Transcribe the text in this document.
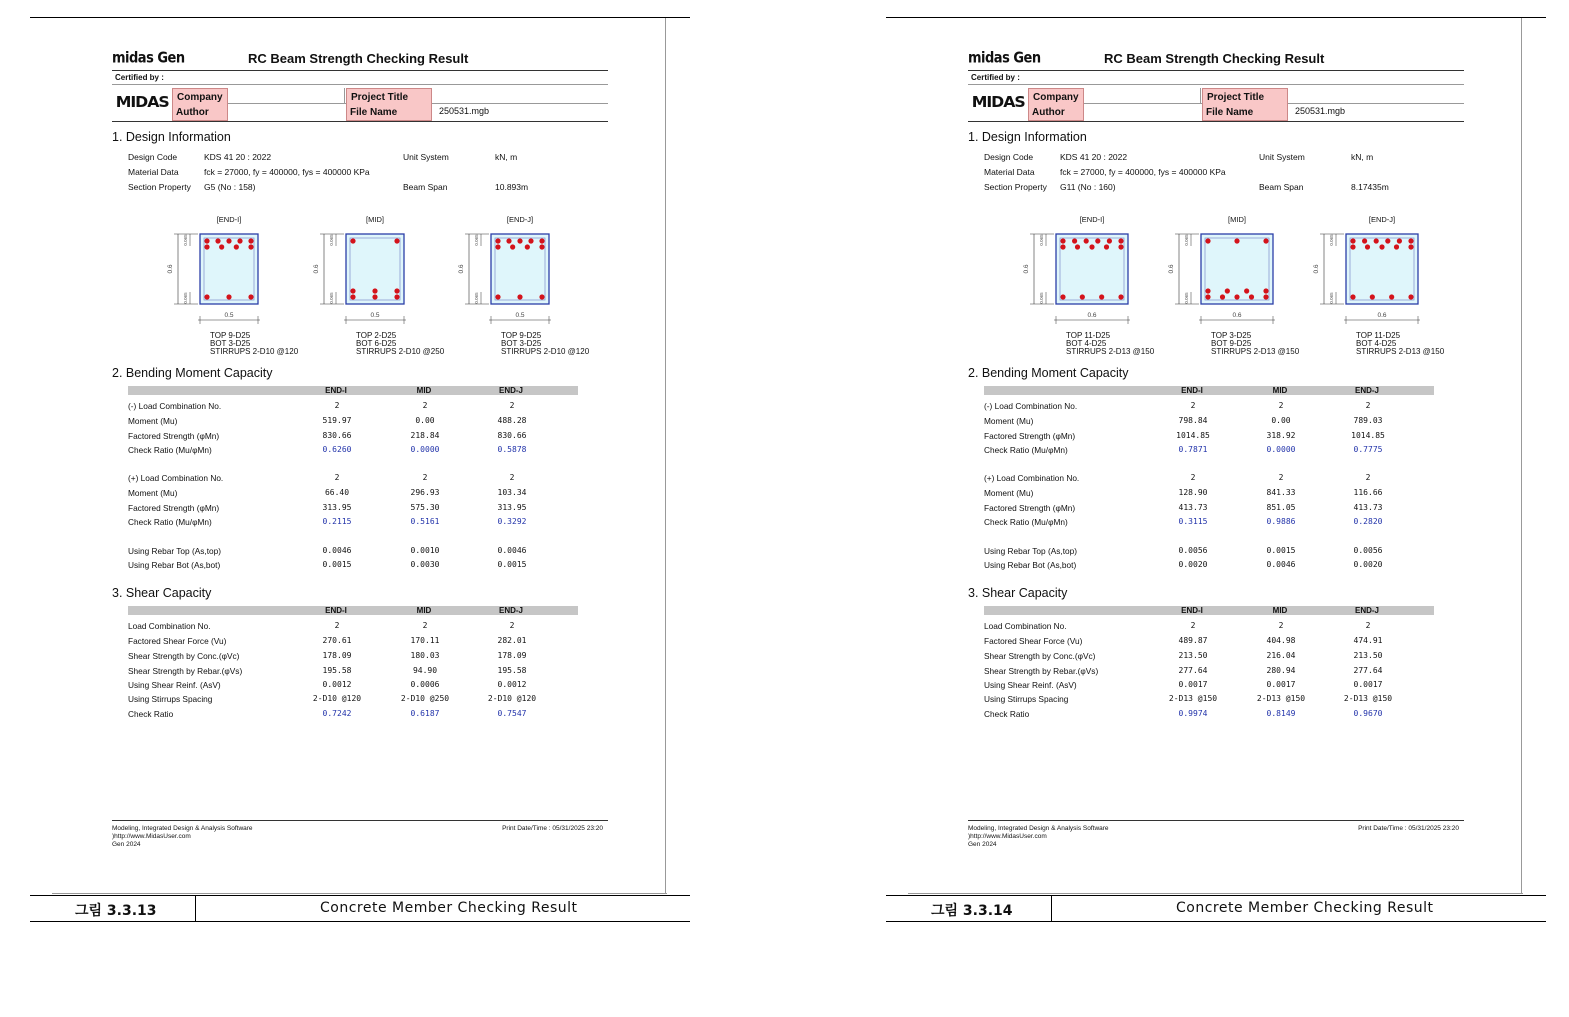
그림 3.3.13	Concrete Member Checking Result
midas Gen	RC Beam Strength Checking Result
Certified by :
MIDAS Company	Project Title
Author	File Name	250531.mgb
1. Design Information
Design Code	KDS 41 20 : 2022	Unit System	kN, m
Material Data	fck = 27000, fy = 400000, fys = 400000 KPa
Section Property G5 (No : 158)	Beam Span	10.893m
[END-I]
0.6
0.065
0.065
0.5
TOP 9-D25
BOT 3-D25
STIRRUPS 2-D10 @120
[MID]
0.6
0.065
0.065
0.5
TOP 2-D25
BOT 6-D25
STIRRUPS 2-D10 @250
[END-J]
0.6
0.065
0.065
0.5
TOP 9-D25
BOT 3-D25
STIRRUPS 2-D10 @120
2. Bending Moment Capacity
END-I	MID	END-J
(-) Load Combination No.	2	2	2
Moment (Mu)	519.97	0.00	488.28
Factored Strength (φMn)	830.66	218.84	830.66
Check Ratio (Mu/φMn)	0.6260	0.0000	0.5878
(+) Load Combination No.	2	2	2
Moment (Mu)	66.40	296.93	103.34
Factored Strength (φMn)	313.95	575.30	313.95
Check Ratio (Mu/φMn)	0.2115	0.5161	0.3292
Using Rebar Top (As,top)	0.0046	0.0010	0.0046
Using Rebar Bot (As,bot)	0.0015	0.0030	0.0015
3. Shear Capacity
END-I	MID	END-J
Load Combination No.	2	2	2
Factored Shear Force (Vu)	270.61	170.11	282.01
Shear Strength by Conc.(φVc)	178.09	180.03	178.09
Shear Strength by Rebar.(φVs)	195.58	94.90	195.58
Using Shear Reinf. (AsV)	0.0012	0.0006	0.0012
Using Stirrups Spacing	2-D10 @120	2-D10 @250	2-D10 @120
Check Ratio	0.7242	0.6187	0.7547
Modeling, Integrated Design & Analysis Software
)http://www.MidasUser.com
Gen 2024
Print Date/Time : 05/31/2025 23:20
그림 3.3.14	Concrete Member Checking Result
midas Gen	RC Beam Strength Checking Result
Certified by :
MIDAS Company	Project Title
Author	File Name	250531.mgb
1. Design Information
Design Code	KDS 41 20 : 2022	Unit System	kN, m
Material Data	fck = 27000, fy = 400000, fys = 400000 KPa
Section Property G11 (No : 160)	Beam Span	8.17435m
[END-I]
0.6
0.065
0.065
0.6
TOP 11-D25
BOT 4-D25
STIRRUPS 2-D13 @150
[MID]
0.6
0.065
0.065
0.6
TOP 3-D25
BOT 9-D25
STIRRUPS 2-D13 @150
[END-J]
0.6
0.065
0.065
0.6
TOP 11-D25
BOT 4-D25
STIRRUPS 2-D13 @150
2. Bending Moment Capacity
END-I	MID	END-J
(-) Load Combination No.	2	2	2
Moment (Mu)	798.84	0.00	789.03
Factored Strength (φMn)	1014.85	318.92	1014.85
Check Ratio (Mu/φMn)	0.7871	0.0000	0.7775
(+) Load Combination No.	2	2	2
Moment (Mu)	128.90	841.33	116.66
Factored Strength (φMn)	413.73	851.05	413.73
Check Ratio (Mu/φMn)	0.3115	0.9886	0.2820
Using Rebar Top (As,top)	0.0056	0.0015	0.0056
Using Rebar Bot (As,bot)	0.0020	0.0046	0.0020
3. Shear Capacity
END-I	MID	END-J
Load Combination No.	2	2	2
Factored Shear Force (Vu)	489.87	404.98	474.91
Shear Strength by Conc.(φVc)	213.50	216.04	213.50
Shear Strength by Rebar.(φVs)	277.64	280.94	277.64
Using Shear Reinf. (AsV)	0.0017	0.0017	0.0017
Using Stirrups Spacing	2-D13 @150	2-D13 @150	2-D13 @150
Check Ratio	0.9974	0.8149	0.9670
Modeling, Integrated Design & Analysis Software
)http://www.MidasUser.com
Gen 2024
Print Date/Time : 05/31/2025 23:20
